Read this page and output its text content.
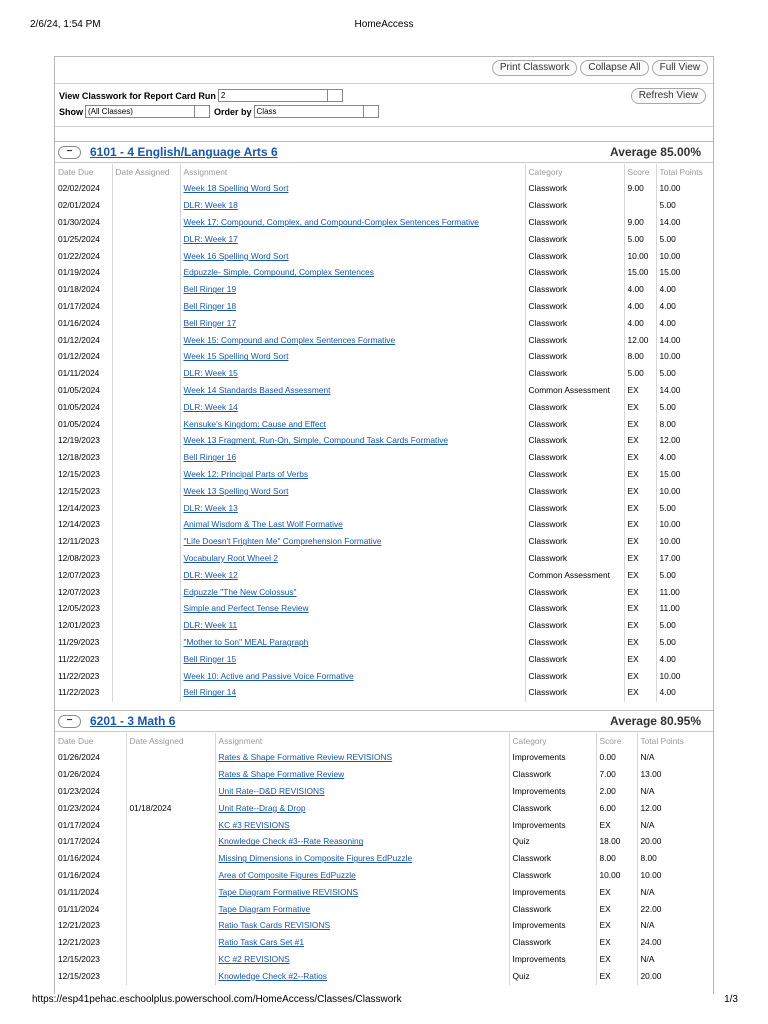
2/6/24, 1:54 PM	HomeAccess
Print Classwork	Collapse All	Full View
View Classwork for Report Card Run 2
Show (All Classes)	Order by Class
Refresh View
−	6101 - 4 English/Language Arts 6	Average 85.00%
Date Due	Date Assigned	Assignment	Category	Score	Total Points
02/02/2024		Week 18 Spelling Word Sort	Classwork	9.00	10.00
02/01/2024		DLR: Week 18	Classwork		5.00
01/30/2024		Week 17: Compound, Complex, and Compound-Complex Sentences Formative	Classwork	9.00	14.00
01/25/2024		DLR: Week 17	Classwork	5.00	5.00
01/22/2024		Week 16 Spelling Word Sort	Classwork	10.00	10.00
01/19/2024		Edpuzzle- Simple, Compound, Complex Sentences	Classwork	15.00	15.00
01/18/2024		Bell Ringer 19	Classwork	4.00	4.00
01/17/2024		Bell Ringer 18	Classwork	4.00	4.00
01/16/2024		Bell Ringer 17	Classwork	4.00	4.00
01/12/2024		Week 15: Compound and Complex Sentences Formative	Classwork	12.00	14.00
01/12/2024		Week 15 Spelling Word Sort	Classwork	8.00	10.00
01/11/2024		DLR: Week 15	Classwork	5.00	5.00
01/05/2024		Week 14 Standards Based Assessment	Common Assessment	EX	14.00
01/05/2024		DLR: Week 14	Classwork	EX	5.00
01/05/2024		Kensuke's Kingdom: Cause and Effect	Classwork	EX	8.00
12/19/2023		Week 13 Fragment, Run-On, Simple, Compound Task Cards Formative	Classwork	EX	12.00
12/18/2023		Bell Ringer 16	Classwork	EX	4.00
12/15/2023		Week 12: Principal Parts of Verbs	Classwork	EX	15.00
12/15/2023		Week 13 Spelling Word Sort	Classwork	EX	10.00
12/14/2023		DLR: Week 13	Classwork	EX	5.00
12/14/2023		Animal Wisdom & The Last Wolf Formative	Classwork	EX	10.00
12/11/2023		"Life Doesn't Frighten Me" Comprehension Formative	Classwork	EX	10.00
12/08/2023		Vocabulary Root Wheel 2	Classwork	EX	17.00
12/07/2023		DLR: Week 12	Common Assessment	EX	5.00
12/07/2023		Edpuzzle "The New Colossus"	Classwork	EX	11.00
12/05/2023		Simple and Perfect Tense Review	Classwork	EX	11.00
12/01/2023		DLR: Week 11	Classwork	EX	5.00
11/29/2023		"Mother to Son" MEAL Paragraph	Classwork	EX	5.00
11/22/2023		Bell Ringer 15	Classwork	EX	4.00
11/22/2023		Week 10: Active and Passive Voice Formative	Classwork	EX	10.00
11/22/2023		Bell Ringer 14	Classwork	EX	4.00
−	6201 - 3 Math 6	Average 80.95%
Date Due	Date Assigned	Assignment	Category	Score	Total Points
01/26/2024		Rates & Shape Formative Review REVISIONS	Improvements	0.00	N/A
01/26/2024		Rates & Shape Formative Review	Classwork	7.00	13.00
01/23/2024		Unit Rate--D&D REVISIONS	Improvements	2.00	N/A
01/23/2024	01/18/2024	Unit Rate--Drag & Drop	Classwork	6.00	12.00
01/17/2024		KC #3 REVISIONS	Improvements	EX	N/A
01/17/2024		Knowledge Check #3--Rate Reasoning	Quiz	18.00	20.00
01/16/2024		Missing Dimensions in Composite Figures EdPuzzle	Classwork	8.00	8.00
01/16/2024		Area of Composite Figures EdPuzzle	Classwork	10.00	10.00
01/11/2024		Tape Diagram Formative REVISIONS	Improvements	EX	N/A
01/11/2024		Tape Diagram Formative	Classwork	EX	22.00
12/21/2023		Ratio Task Cards REVISIONS	Improvements	EX	N/A
12/21/2023		Ratio Task Cars Set #1	Classwork	EX	24.00
12/15/2023		KC #2 REVISIONS	Improvements	EX	N/A
12/15/2023		Knowledge Check #2--Ratios	Quiz	EX	20.00
https://esp41pehac.eschoolplus.powerschool.com/HomeAccess/Classes/Classwork	1/3
